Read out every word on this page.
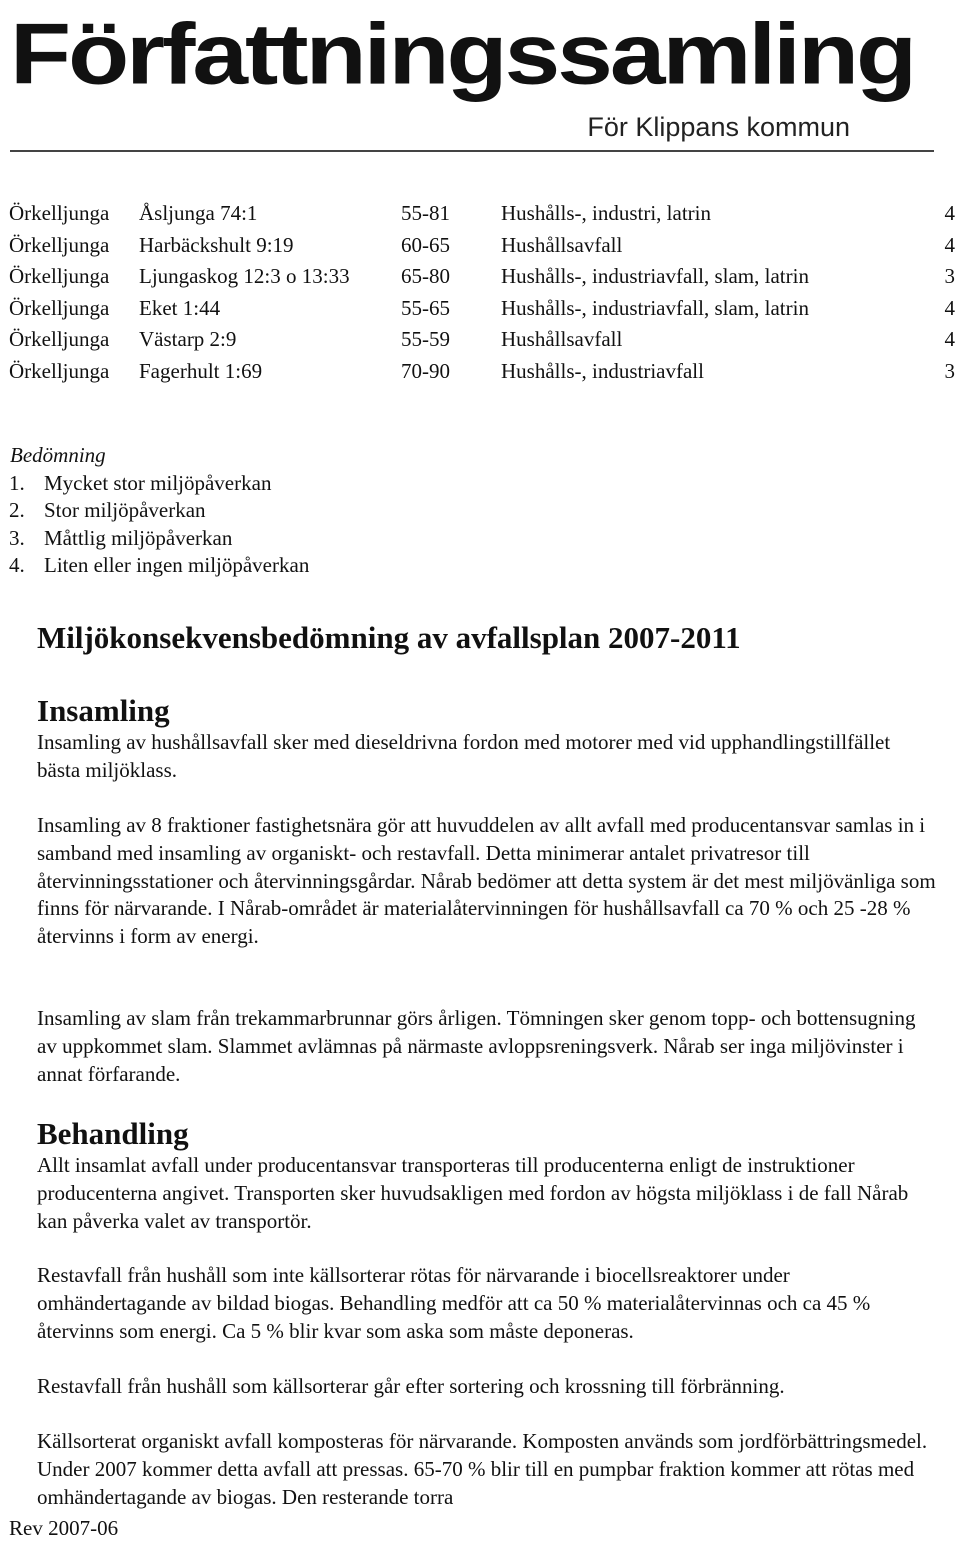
Författningssamling
För Klippans kommun
Örkelljunga Åsljunga 74:1	55-81 Hushålls-, industri, latrin	4
Örkelljunga Harbäckshult 9:19	60-65 Hushållsavfall	4
Örkelljunga Ljungaskog 12:3 o 13:33 65-80 Hushålls-, industriavfall, slam, latrin	3
Örkelljunga Eket 1:44	55-65 Hushålls-, industriavfall, slam, latrin	4
Örkelljunga Västarp 2:9	55-59 Hushållsavfall	4
Örkelljunga Fagerhult 1:69	70-90 Hushålls-, industriavfall	3
Bedömning
1. Mycket stor miljöpåverkan
2. Stor miljöpåverkan
3. Måttlig miljöpåverkan
4. Liten eller ingen miljöpåverkan
Miljökonsekvensbedömning av avfallsplan 2007-2011
Insamling

Insamling av hushållsavfall sker med dieseldrivna fordon med motorer med vid upphandlingstillfället bästa miljöklass.

Insamling av 8 fraktioner fastighetsnära gör att huvuddelen av allt avfall med producentansvar samlas in i samband med insamling av organiskt- och restavfall. Detta minimerar antalet privatresor till återvinningsstationer och återvinningsgårdar. Nårab bedömer att detta system är det mest miljövänliga som finns för närvarande. I Nårab-området är materialåtervinningen för hushållsavfall ca 70 % och 25 -28 % återvinns i form av energi.

Insamling av slam från trekammarbrunnar görs årligen. Tömningen sker genom topp- och bottensugning av uppkommet slam. Slammet avlämnas på närmaste avloppsreningsverk. Nårab ser inga miljövinster i annat förfarande.

Behandling

Allt insamlat avfall under producentansvar transporteras till producenterna enligt de instruktioner producenterna angivet. Transporten sker huvudsakligen med fordon av högsta miljöklass i de fall Nårab kan påverka valet av transportör.

Restavfall från hushåll som inte källsorterar rötas för närvarande i biocellsreaktorer under omhändertagande av bildad biogas. Behandling medför att ca 50 % materialåtervinnas och ca 45 % återvinns som energi. Ca 5 % blir kvar som aska som måste deponeras.

Restavfall från hushåll som källsorterar går efter sortering och krossning till förbränning.

Källsorterat organiskt avfall komposteras för närvarande. Komposten används som jordförbättringsmedel. Under 2007 kommer detta avfall att pressas. 65-70 % blir till en pumpbar fraktion kommer att rötas med omhändertagande av biogas. Den resterande torra

Rev 2007-06
